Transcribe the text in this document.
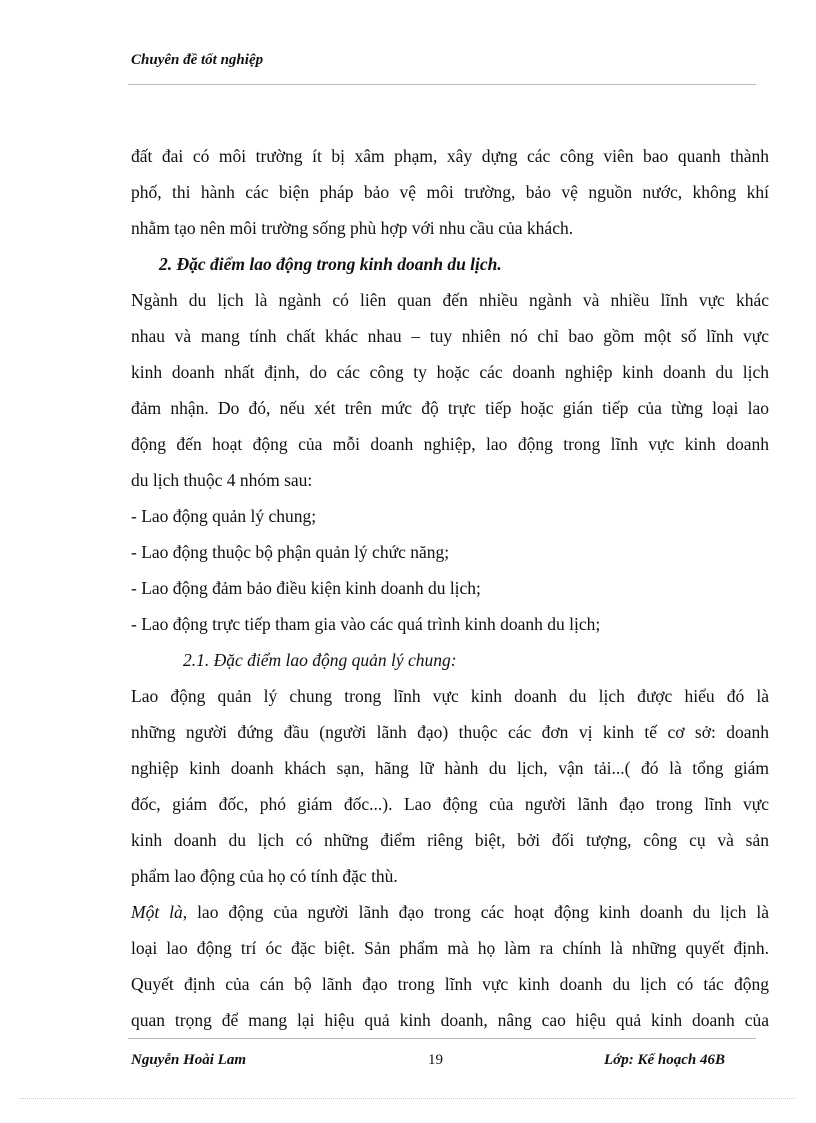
Chuyên đề tốt nghiệp
đất đai có môi trường ít bị xâm phạm, xây dựng các công viên bao quanh thành
phố, thi hành các biện pháp bảo vệ môi trường, bảo vệ nguồn nước, không khí
nhằm tạo nên môi trường sống phù hợp với nhu cầu của khách.
2. Đặc điểm lao động trong kinh doanh du lịch.
Ngành du lịch là ngành có liên quan đến nhiều ngành và nhiều lĩnh vực khác
nhau và mang tính chất khác nhau – tuy nhiên nó chỉ bao gồm một số lĩnh vực
kinh doanh nhất định, do các công ty hoặc các doanh nghiệp kinh doanh du lịch
đảm nhận. Do đó, nếu xét trên mức độ trực tiếp hoặc gián tiếp của từng loại lao
động đến hoạt động của mỗi doanh nghiệp, lao động trong lĩnh vực kinh doanh
du lịch thuộc 4 nhóm sau:
- Lao động quản lý chung;
- Lao động thuộc bộ phận quản lý chức năng;
- Lao động đảm bảo điều kiện kinh doanh du lịch;
- Lao động trực tiếp tham gia vào các quá trình kinh doanh du lịch;
2.1. Đặc điểm lao động quản lý chung:
Lao động quản lý chung trong lĩnh vực kinh doanh du lịch được hiểu đó là
những người đứng đầu (người lãnh đạo) thuộc các đơn vị kinh tế cơ sở: doanh
nghiệp kinh doanh khách sạn, hãng lữ hành du lịch, vận tải...( đó là tổng giám
đốc, giám đốc, phó giám đốc...). Lao động của người lãnh đạo trong lĩnh vực
kinh doanh du lịch có những điểm riêng biệt, bởi đối tượng, công cụ và sản
phẩm lao động của họ có tính đặc thù.
Một là, lao động của người lãnh đạo trong các hoạt động kinh doanh du lịch là
loại lao động trí óc đặc biệt. Sản phẩm mà họ làm ra chính là những quyết định.
Quyết định của cán bộ lãnh đạo trong lĩnh vực kinh doanh du lịch có tác động
quan trọng để mang lại hiệu quả kinh doanh, nâng cao hiệu quả kinh doanh của
Nguyễn Hoài Lam	19	Lớp: Kế hoạch 46B
